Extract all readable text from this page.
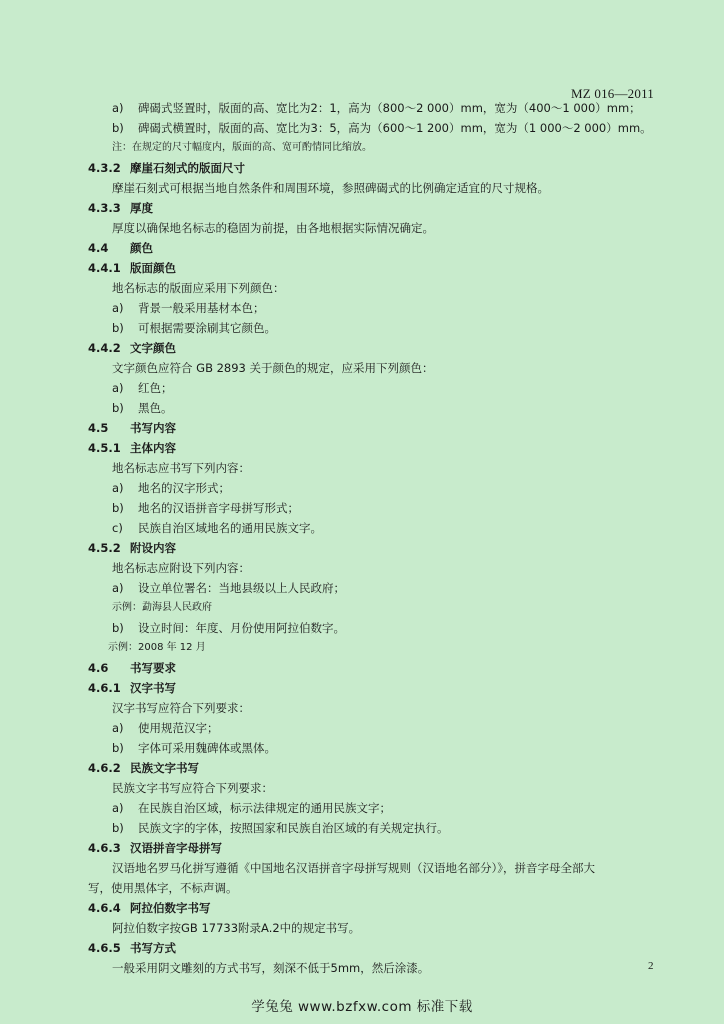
MZ 016—2011
a) 碑碣式竖置时，版面的高、宽比为2：1，高为（800～2 000）mm，宽为（400～1 000）mm；
b) 碑碣式横置时，版面的高、宽比为3：5，高为（600～1 200）mm，宽为（1 000～2 000）mm。
注：在规定的尺寸幅度内，版面的高、宽可酌情同比缩放。
4.3.2 摩崖石刻式的版面尺寸
摩崖石刻式可根据当地自然条件和周围环境，参照碑碣式的比例确定适宜的尺寸规格。
4.3.3 厚度
厚度以确保地名标志的稳固为前提，由各地根据实际情况确定。
4.4 颜色
4.4.1 版面颜色
地名标志的版面应采用下列颜色：
a) 背景一般采用基材本色；
b) 可根据需要涂刷其它颜色。
4.4.2 文字颜色
文字颜色应符合 GB 2893 关于颜色的规定，应采用下列颜色：
a) 红色；
b) 黑色。
4.5 书写内容
4.5.1 主体内容
地名标志应书写下列内容：
a) 地名的汉字形式；
b) 地名的汉语拼音字母拼写形式；
c) 民族自治区域地名的通用民族文字。
4.5.2 附设内容
地名标志应附设下列内容：
a) 设立单位署名：当地县级以上人民政府；
示例：勐海县人民政府
b) 设立时间：年度、月份使用阿拉伯数字。
示例：2008 年 12 月
4.6 书写要求
4.6.1 汉字书写
汉字书写应符合下列要求：
a) 使用规范汉字；
b) 字体可采用魏碑体或黑体。
4.6.2 民族文字书写
民族文字书写应符合下列要求：
a) 在民族自治区域，标示法律规定的通用民族文字；
b) 民族文字的字体，按照国家和民族自治区域的有关规定执行。
4.6.3 汉语拼音字母拼写
汉语地名罗马化拼写遵循《中国地名汉语拼音字母拼写规则（汉语地名部分）》，拼音字母全部大
写，使用黑体字，不标声调。
4.6.4 阿拉伯数字书写
阿拉伯数字按GB 17733附录A.2中的规定书写。
4.6.5 书写方式
一般采用阴文雕刻的方式书写，刻深不低于5mm，然后涂漆。	2
学兔兔 www.bzfxw.com 标准下载
